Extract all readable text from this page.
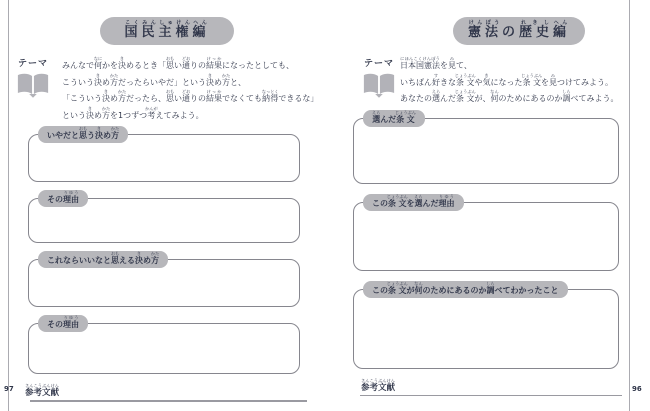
国民主権編こくみんしゅけんへん
テーマ	みんなで何なにかを決きめるとき「思おもい通どおりの結果けっかになったとしても、
こういう決きめ方かただったらいやだ」という決きめ方かたと、
「こういう決きめ方かただったら、思おもい通どおりの結果けっかでなくても納得なっとくできるな」
という決きめ方かたを1つずつ考かんがえてみよう。
いやだと思おもう決きめ方かた
その理由りゆう
これならいいなと思おもえる決きめ方かた
その理由りゆう
参考文献さんこうぶんけん
憲法けんぽうの歴史れきし編へん
テーマ 日本国憲法にほんこくけんぽうを見みて、
いちばん好すきな条文じょうぶんや気きになった条文じょうぶんを見みつけてみよう。
あなたの選えらんだ条文じょうぶんが、何なんのためにあるのか調しらべてみよう。
選えらんだ条文じょうぶん
この条文じょうぶんを選えらんだ理由りゆう
この条文じょうぶんが何なんのためにあるのか調しらべてわかったこと
参考文献さんこうぶんけん
97	96
